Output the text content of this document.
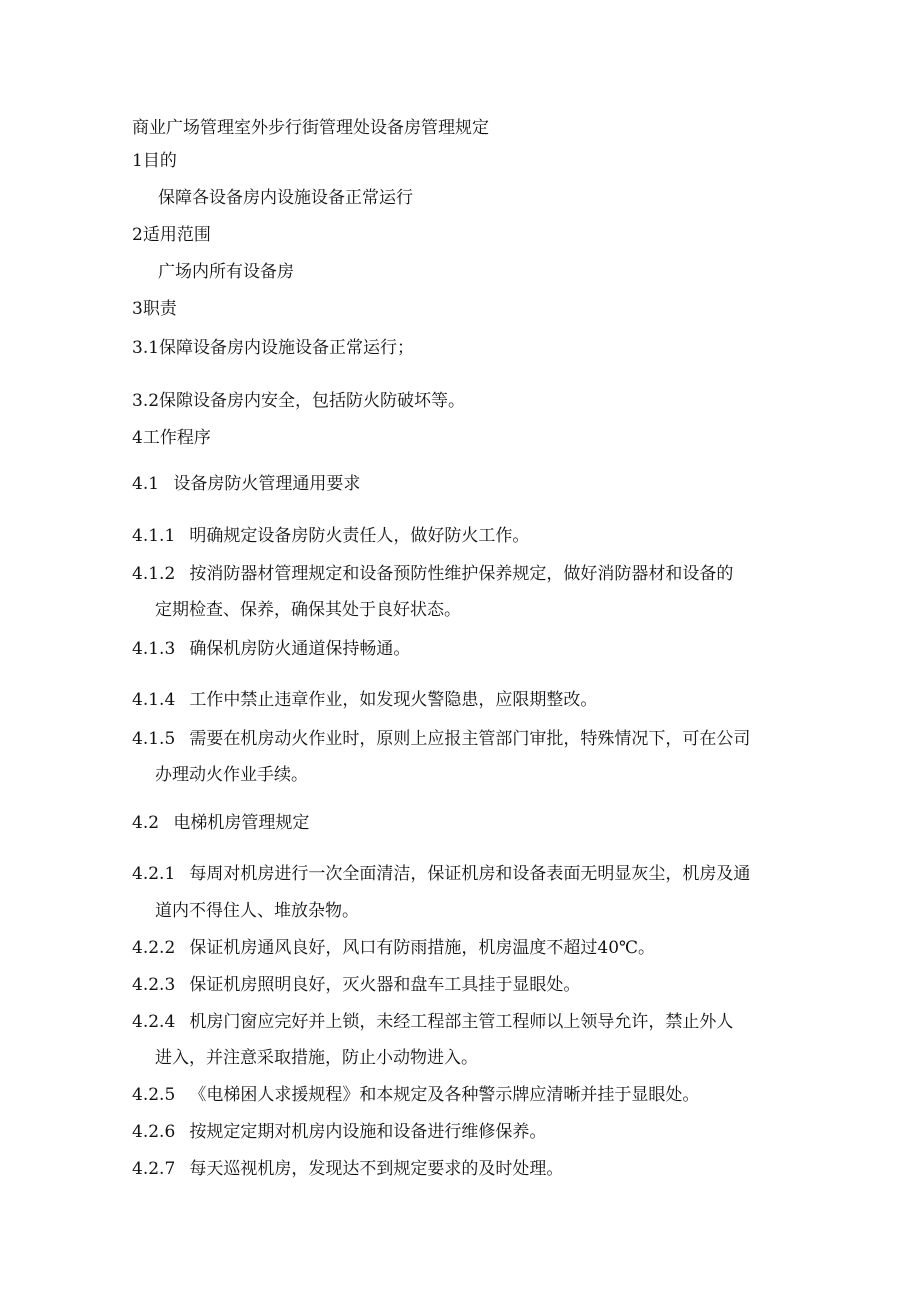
商业广场管理室外步行街管理处设备房管理规定
1目的
保障各设备房内设施设备正常运行
2适用范围
广场内所有设备房
3职责
3.1保障设备房内设施设备正常运行；
3.2保隙设备房内安全，包括防火防破坏等。
4工作程序
4.1 设备房防火管理通用要求
4.1.1 明确规定设备房防火责任人，做好防火工作。
4.1.2 按消防器材管理规定和设备预防性维护保养规定，做好消防器材和设备的
定期检查、保养，确保其处于良好状态。
4.1.3 确保机房防火通道保持畅通。
4.1.4 工作中禁止违章作业，如发现火警隐患，应限期整改。
4.1.5 需要在机房动火作业时，原则上应报主管部门审批，特殊情况下，可在公司
办理动火作业手续。
4.2 电梯机房管理规定
4.2.1 每周对机房进行一次全面清洁，保证机房和设备表面无明显灰尘，机房及通
道内不得住人、堆放杂物。
4.2.2 保证机房通风良好，风口有防雨措施，机房温度不超过40℃。
4.2.3 保证机房照明良好，灭火器和盘车工具挂于显眼处。
4.2.4 机房门窗应完好并上锁，未经工程部主管工程师以上领导允许，禁止外人
进入，并注意采取措施，防止小动物进入。
4.2.5 《电梯困人求援规程》和本规定及各种警示牌应清晰并挂于显眼处。
4.2.6 按规定定期对机房内设施和设备进行维修保养。
4.2.7 每天巡视机房，发现达不到规定要求的及时处理。
